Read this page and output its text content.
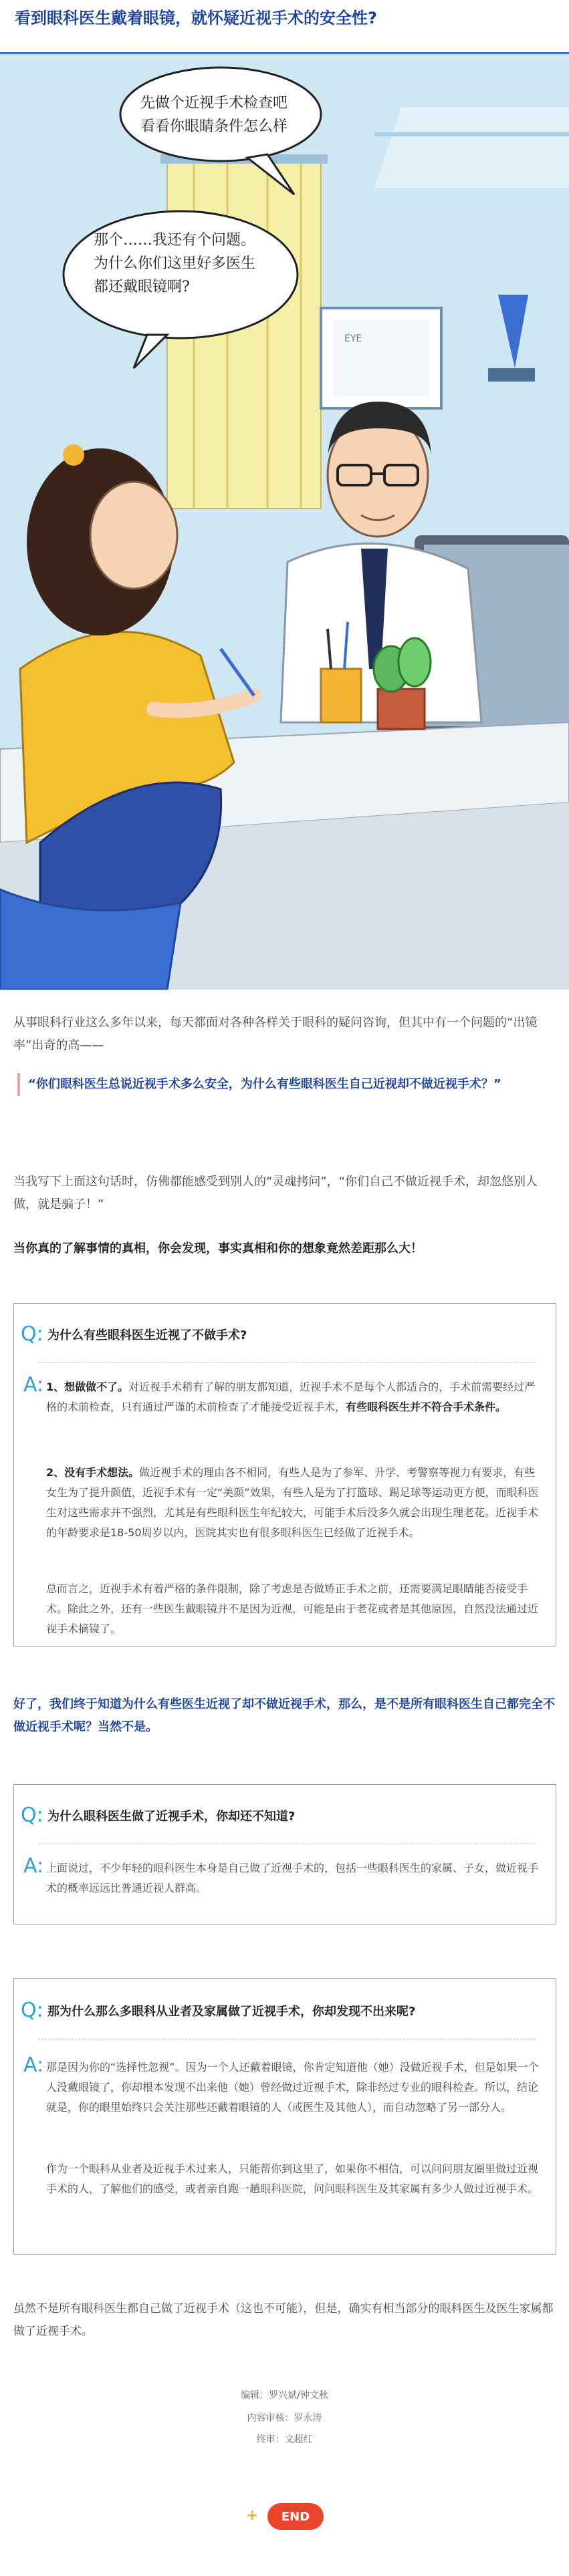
看到眼科医生戴着眼镜，就怀疑近视手术的安全性?
EYE
先做个近视手术检查吧
看看你眼睛条件怎么样
那个……我还有个问题。
为什么你们这里好多医生
都还戴眼镜啊?

从事眼科行业这么多年以来，每天都面对各种各样关于眼科的疑问咨询，但其中有一个问题的“出镜率”出奇的高——

“你们眼科医生总说近视手术多么安全，为什么有些眼科医生自己近视却不做近视手术？”

当我写下上面这句话时，仿佛都能感受到别人的“灵魂拷问”，“你们自己不做近视手术，却忽悠别人做，就是骗子！”

当你真的了解事情的真相，你会发现，事实真相和你的想象竟然差距那么大！

Q: 为什么有些眼科医生近视了不做手术?
A: 1、想做做不了。对近视手术稍有了解的朋友都知道，近视手术不是每个人都适合的，手术前需要经过严格的术前检查，只有通过严谨的术前检查了才能接受近视手术，有些眼科医生并不符合手术条件。

2、没有手术想法。做近视手术的理由各不相同，有些人是为了参军、升学、考警察等视力有要求，有些女生为了提升颜值，近视手术有一定“美颜”效果，有些人是为了打篮球、踢足球等运动更方便，而眼科医生对这些需求并不强烈，尤其是有些眼科医生年纪较大，可能手术后没多久就会出现生理老花。近视手术的年龄要求是18-50周岁以内，医院其实也有很多眼科医生已经做了近视手术。

总而言之，近视手术有着严格的条件限制，除了考虑是否做矫正手术之前，还需要满足眼睛能否接受手术。除此之外，还有一些医生戴眼镜并不是因为近视，可能是由于老花或者是其他原因，自然没法通过近视手术摘镜了。

好了，我们终于知道为什么有些医生近视了却不做近视手术，那么，是不是所有眼科医生自己都完全不做近视手术呢？当然不是。

Q: 为什么眼科医生做了近视手术，你却还不知道?
A: 上面说过，不少年轻的眼科医生本身是自己做了近视手术的，包括一些眼科医生的家属、子女，做近视手术的概率远远比普通近视人群高。

Q: 那为什么那么多眼科从业者及家属做了近视手术，你却发现不出来呢?
A: 那是因为你的“选择性忽视”。因为一个人还戴着眼镜，你肯定知道他（她）没做近视手术，但是如果一个人没戴眼镜了，你却根本发现不出来他（她）曾经做过近视手术，除非经过专业的眼科检查。所以，结论就是，你的眼里始终只会关注那些还戴着眼镜的人（或医生及其他人），而自动忽略了另一部分人。

作为一个眼科从业者及近视手术过来人，只能帮你到这里了，如果你不相信，可以问问朋友圈里做过近视手术的人，了解他们的感受，或者亲自跑一趟眼科医院，问问眼科医生及其家属有多少人做过近视手术。

虽然不是所有眼科医生都自己做了近视手术（这也不可能），但是，确实有相当部分的眼科医生及医生家属都做了近视手术。

编辑：罗兴斌/钟文秋
内容审核：罗永涛
终审：文超红
+	END
